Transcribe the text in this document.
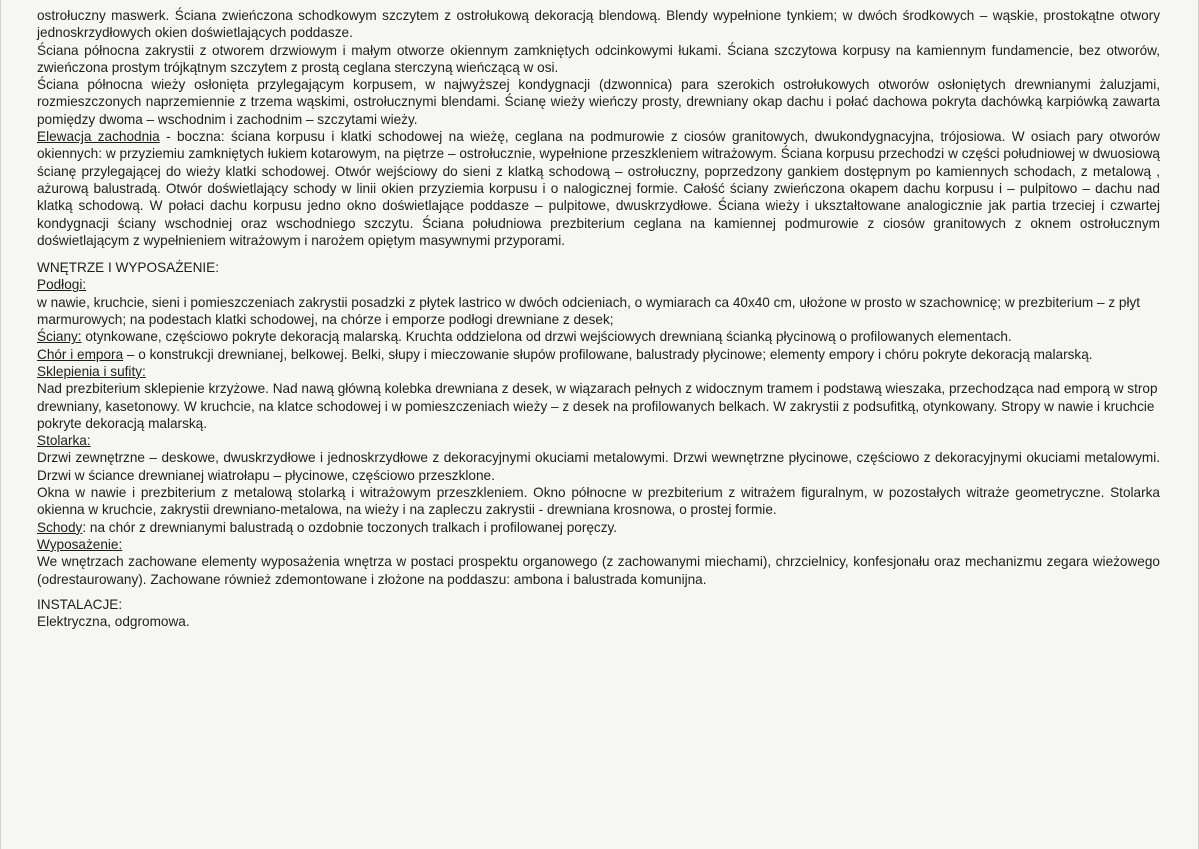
ostrołuczny maswerk. Ściana zwieńczona schodkowym szczytem z ostrołukową dekoracją blendową. Blendy wypełnione tynkiem; w dwóch środkowych – wąskie, prostokątne otwory jednoskrzydłowych okien doświetlających poddasze.

Ściana północna zakrystii z otworem drzwiowym i małym otworze okiennym zamkniętych odcinkowymi łukami. Ściana szczytowa korpusy na kamiennym fundamencie, bez otworów, zwieńczona prostym trójkątnym szczytem z prostą ceglana sterczyną wieńczącą w osi.

Ściana północna wieży osłonięta przylegającym korpusem, w najwyższej kondygnacji (dzwonnica) para szerokich ostrołukowych otworów osłoniętych drewnianymi żaluzjami, rozmieszczonych naprzemiennie z trzema wąskimi, ostrołucznymi blendami. Ścianę wieży wieńczy prosty, drewniany okap dachu i połać dachowa pokryta dachówką karpiówką zawarta pomiędzy dwoma – wschodnim i zachodnim – szczytami wieży.

Elewacja zachodnia - boczna: ściana korpusu i klatki schodowej na wieżę, ceglana na podmurowie z ciosów granitowych, dwukondygnacyjna, trójosiowa. W osiach pary otworów okiennych: w przyziemiu zamkniętych łukiem kotarowym, na piętrze – ostrołucznie, wypełnione przeszkleniem witrażowym. Ściana korpusu przechodzi w części południowej w dwuosiową ścianę przylegającej do wieży klatki schodowej. Otwór wejściowy do sieni z klatką schodową – ostrołuczny, poprzedzony gankiem dostępnym po kamiennych schodach, z metalową , ażurową balustradą. Otwór doświetlający schody w linii okien przyziemia korpusu i o nalogicznej formie. Całość ściany zwieńczona okapem dachu korpusu i – pulpitowo – dachu nad klatką schodową. W połaci dachu korpusu jedno okno doświetlające poddasze – pulpitowe, dwuskrzydłowe. Ściana wieży i ukształtowane analogicznie jak partia trzeciej i czwartej kondygnacji ściany wschodniej oraz wschodniego szczytu. Ściana południowa prezbiterium ceglana na kamiennej podmurowie z ciosów granitowych z oknem ostrołucznym doświetlającym z wypełnieniem witrażowym i narożem opiętym masywnymi przyporami.

WNĘTRZE I WYPOSAŻENIE:

Podłogi:

w nawie, kruchcie, sieni i pomieszczeniach zakrystii posadzki z płytek lastrico w dwóch odcieniach, o wymiarach ca 40x40 cm, ułożone w prosto w szachownicę; w prezbiterium – z płyt marmurowych; na podestach klatki schodowej, na chórze i emporze podłogi drewniane z desek;

Ściany: otynkowane, częściowo pokryte dekoracją malarską. Kruchta oddzielona od drzwi wejściowych drewnianą ścianką płycinową o profilowanych elementach.

Chór i empora – o konstrukcji drewnianej, belkowej. Belki, słupy i mieczowanie słupów profilowane, balustrady płycinowe; elementy empory i chóru pokryte dekoracją malarską.

Sklepienia i sufity:

Nad prezbiterium sklepienie krzyżowe. Nad nawą główną kolebka drewniana z desek, w wiązarach pełnych z widocznym tramem i podstawą wieszaka, przechodząca nad emporą w strop drewniany, kasetonowy. W kruchcie, na klatce schodowej i w pomieszczeniach wieży – z desek na profilowanych belkach. W zakrystii z podsufitką, otynkowany. Stropy w nawie i kruchcie pokryte dekoracją malarską.

Stolarka:

Drzwi zewnętrzne – deskowe, dwuskrzydłowe i jednoskrzydłowe z dekoracyjnymi okuciami metalowymi. Drzwi wewnętrzne płycinowe, częściowo z dekoracyjnymi okuciami metalowymi. Drzwi w ściance drewnianej wiatrołapu – płycinowe, częściowo przeszklone.

Okna w nawie i prezbiterium z metalową stolarką i witrażowym przeszkleniem. Okno północne w prezbiterium z witrażem figuralnym, w pozostałych witraże geometryczne. Stolarka okienna w kruchcie, zakrystii drewniano-metalowa, na wieży i na zapleczu zakrystii - drewniana krosnowa, o prostej formie.

Schody: na chór z drewnianymi balustradą o ozdobnie toczonych tralkach i profilowanej poręczy.

Wyposażenie:

We wnętrzach zachowane elementy wyposażenia wnętrza w postaci prospektu organowego (z zachowanymi miechami), chrzcielnicy, konfesjonału oraz mechanizmu zegara wieżowego (odrestaurowany). Zachowane również zdemontowane i złożone na poddaszu: ambona i balustrada komunijna.

INSTALACJE:

Elektryczna, odgromowa.
